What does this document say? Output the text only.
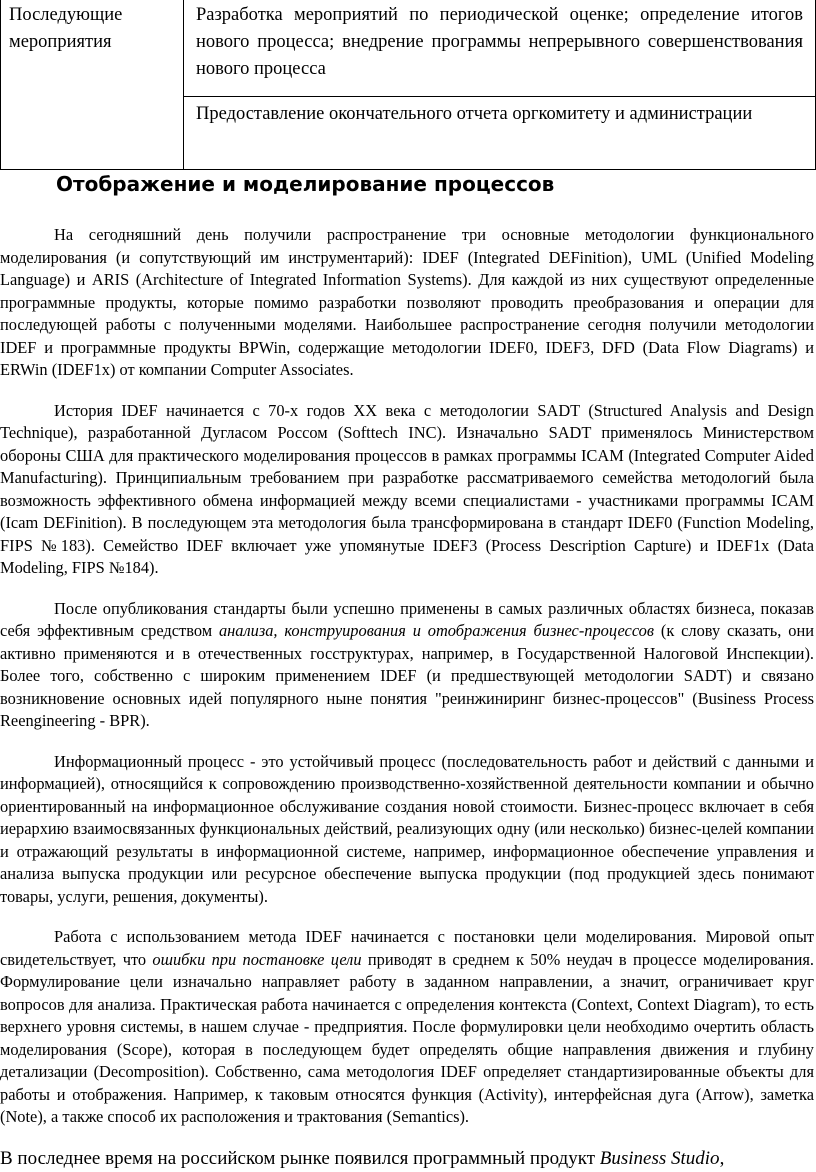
Последующие мероприятия
Разработка мероприятий по периодической оценке; определение итогов нового процесса; внедрение программы непрерывного совершенствования нового процесса
Предоставление окончательного отчета оргкомитету и администрации
Отображение и моделирование процессов

На сегодняшний день получили распространение три основные методологии функционального моделирования (и сопутствующий им инструментарий): IDEF (Integrated DEFinition), UML (Unified Modeling Language) и ARIS (Architecture of Integrated Information Systems). Для каждой из них существуют определенные программные продукты, которые помимо разработки позволяют проводить преобразования и операции для последующей работы с полученными моделями. Наибольшее распространение сегодня получили методологии IDEF и программные продукты BPWin, содержащие методологии IDEF0, IDEF3, DFD (Data Flow Diagrams) и ERWin (IDEF1x) от компании Computer Associates.

История IDEF начинается с 70-х годов XX века с методологии SADT (Structured Analysis and Design Technique), разработанной Дугласом Россом (Softtech INC). Изначально SADT применялось Министерством обороны США для практического моделирования процессов в рамках программы ICAM (Integrated Computer Aided Manufacturing). Принципиальным требованием при разработке рассматриваемого семейства методологий была возможность эффективного обмена информацией между всеми специалистами - участниками программы ICAM (Icam DEFinition). В последующем эта методология была трансформирована в стандарт IDEF0 (Function Modeling, FIPS №183). Семейство IDEF включает уже упомянутые IDEF3 (Process Description Capture) и IDEF1x (Data Modeling, FIPS №184).

После опубликования стандарты были успешно применены в самых различных областях бизнеса, показав себя эффективным средством анализа, конструирования и отображения бизнес-процессов (к слову сказать, они активно применяются и в отечественных госструктурах, например, в Государственной Налоговой Инспекции). Более того, собственно с широким применением IDEF (и предшествующей методологии SADT) и связано возникновение основных идей популярного ныне понятия "реинжиниринг бизнес-процессов" (Business Process Reengineering - BPR).

Информационный процесс - это устойчивый процесс (последовательность работ и действий с данными и информацией), относящийся к сопровождению производственно-хозяйственной деятельности компании и обычно ориентированный на информационное обслуживание создания новой стоимости. Бизнес-процесс включает в себя иерархию взаимосвязанных функциональных действий, реализующих одну (или несколько) бизнес-целей компании и отражающий результаты в информационной системе, например, информационное обеспечение управления и анализа выпуска продукции или ресурсное обеспечение выпуска продукции (под продукцией здесь понимают товары, услуги, решения, документы).

Работа с использованием метода IDEF начинается с постановки цели моделирования. Мировой опыт свидетельствует, что ошибки при постановке цели приводят в среднем к 50% неудач в процессе моделирования. Формулирование цели изначально направляет работу в заданном направлении, а значит, ограничивает круг вопросов для анализа. Практическая работа начинается с определения контекста (Context, Context Diagram), то есть верхнего уровня системы, в нашем случае - предприятия. После формулировки цели необходимо очертить область моделирования (Scope), которая в последующем будет определять общие направления движения и глубину детализации (Decomposition). Собственно, сама методология IDEF определяет стандартизированные объекты для работы и отображения. Например, к таковым относятся функция (Activity), интерфейсная дуга (Arrow), заметка (Note), а также способ их расположения и трактования (Semantics).

В последнее время на российском рынке появился программный продукт Business Studio,
